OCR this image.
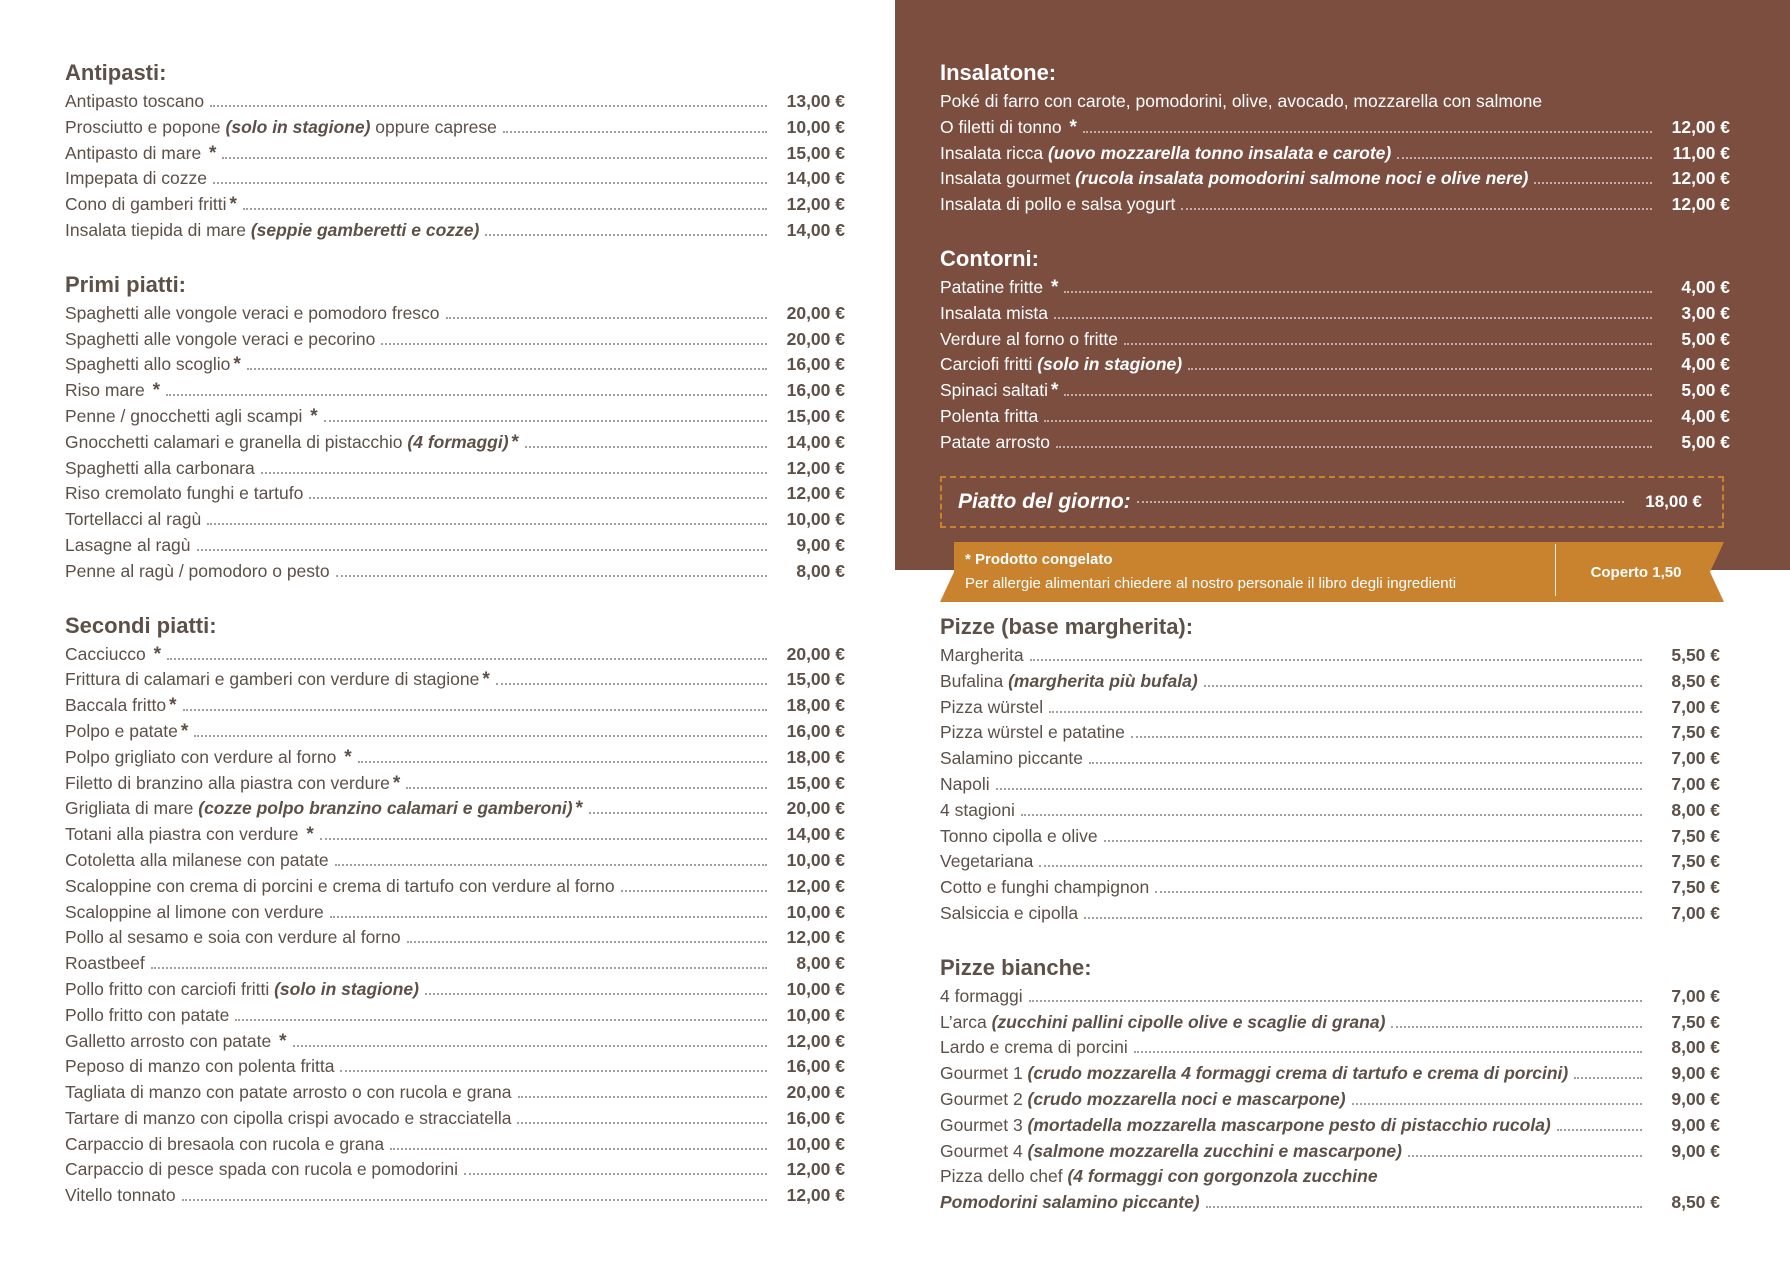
Antipasti:
Antipasto toscano	13,00 €
Prosciutto e popone (solo in stagione) oppure caprese	10,00 €
Antipasto di mare *	15,00 €
Impepata di cozze	14,00 €
Cono di gamberi fritti *	12,00 €
Insalata tiepida di mare (seppie gamberetti e cozze)	14,00 €
Primi piatti:
Spaghetti alle vongole veraci e pomodoro fresco	20,00 €
Spaghetti alle vongole veraci e pecorino	20,00 €
Spaghetti allo scoglio *	16,00 €
Riso mare *	16,00 €
Penne / gnocchetti agli scampi *	15,00 €
Gnocchetti calamari e granella di pistacchio (4 formaggi) *	14,00 €
Spaghetti alla carbonara	12,00 €
Riso cremolato funghi e tartufo	12,00 €
Tortellacci al ragù	10,00 €
Lasagne al ragù	9,00 €
Penne al ragù / pomodoro o pesto	8,00 €
Secondi piatti:
Cacciucco *	20,00 €
Frittura di calamari e gamberi con verdure di stagione *	15,00 €
Baccala fritto *	18,00 €
Polpo e patate *	16,00 €
Polpo grigliato con verdure al forno *	18,00 €
Filetto di branzino alla piastra con verdure *	15,00 €
Grigliata di mare (cozze polpo branzino calamari e gamberoni) *	20,00 €
Totani alla piastra con verdure *	14,00 €
Cotoletta alla milanese con patate	10,00 €
Scaloppine con crema di porcini e crema di tartufo con verdure al forno	12,00 €
Scaloppine al limone con verdure	10,00 €
Pollo al sesamo e soia con verdure al forno	12,00 €
Roastbeef	8,00 €
Pollo fritto con carciofi fritti (solo in stagione)	10,00 €
Pollo fritto con patate	10,00 €
Galletto arrosto con patate *	12,00 €
Peposo di manzo con polenta fritta	16,00 €
Tagliata di manzo con patate arrosto o con rucola e grana	20,00 €
Tartare di manzo con cipolla crispi avocado e stracciatella	16,00 €
Carpaccio di bresaola con rucola e grana	10,00 €
Carpaccio di pesce spada con rucola e pomodorini	12,00 €
Vitello tonnato	12,00 €
Insalatone:
Poké di farro con carote, pomodorini, olive, avocado, mozzarella con salmone
O filetti di tonno *	12,00 €
Insalata ricca (uovo mozzarella tonno insalata e carote)	11,00 €
Insalata gourmet (rucola insalata pomodorini salmone noci e olive nere)	12,00 €
Insalata di pollo e salsa yogurt	12,00 €
Contorni:
Patatine fritte *	4,00 €
Insalata mista	3,00 €
Verdure al forno o fritte	5,00 €
Carciofi fritti (solo in stagione)	4,00 €
Spinaci saltati *	5,00 €
Polenta fritta	4,00 €
Patate arrosto	5,00 €
Piatto del giorno:	18,00 €
* Prodotto congelato
Per allergie alimentari chiedere al nostro personale il libro degli ingredienti
Coperto 1,50
Pizze (base margherita):
Margherita	5,50 €
Bufalina (margherita più bufala)	8,50 €
Pizza würstel	7,00 €
Pizza würstel e patatine	7,50 €
Salamino piccante	7,00 €
Napoli	7,00 €
4 stagioni	8,00 €
Tonno cipolla e olive	7,50 €
Vegetariana	7,50 €
Cotto e funghi champignon	7,50 €
Salsiccia e cipolla	7,00 €
Pizze bianche:
4 formaggi	7,00 €
L’arca (zucchini pallini cipolle olive e scaglie di grana)	7,50 €
Lardo e crema di porcini	8,00 €
Gourmet 1 (crudo mozzarella 4 formaggi crema di tartufo e crema di porcini)	9,00 €
Gourmet 2 (crudo mozzarella noci e mascarpone)	9,00 €
Gourmet 3 (mortadella mozzarella mascarpone pesto di pistacchio rucola)	9,00 €
Gourmet 4 (salmone mozzarella zucchini e mascarpone)	9,00 €
Pizza dello chef (4 formaggi con gorgonzola zucchine
Pomodorini salamino piccante)	8,50 €
